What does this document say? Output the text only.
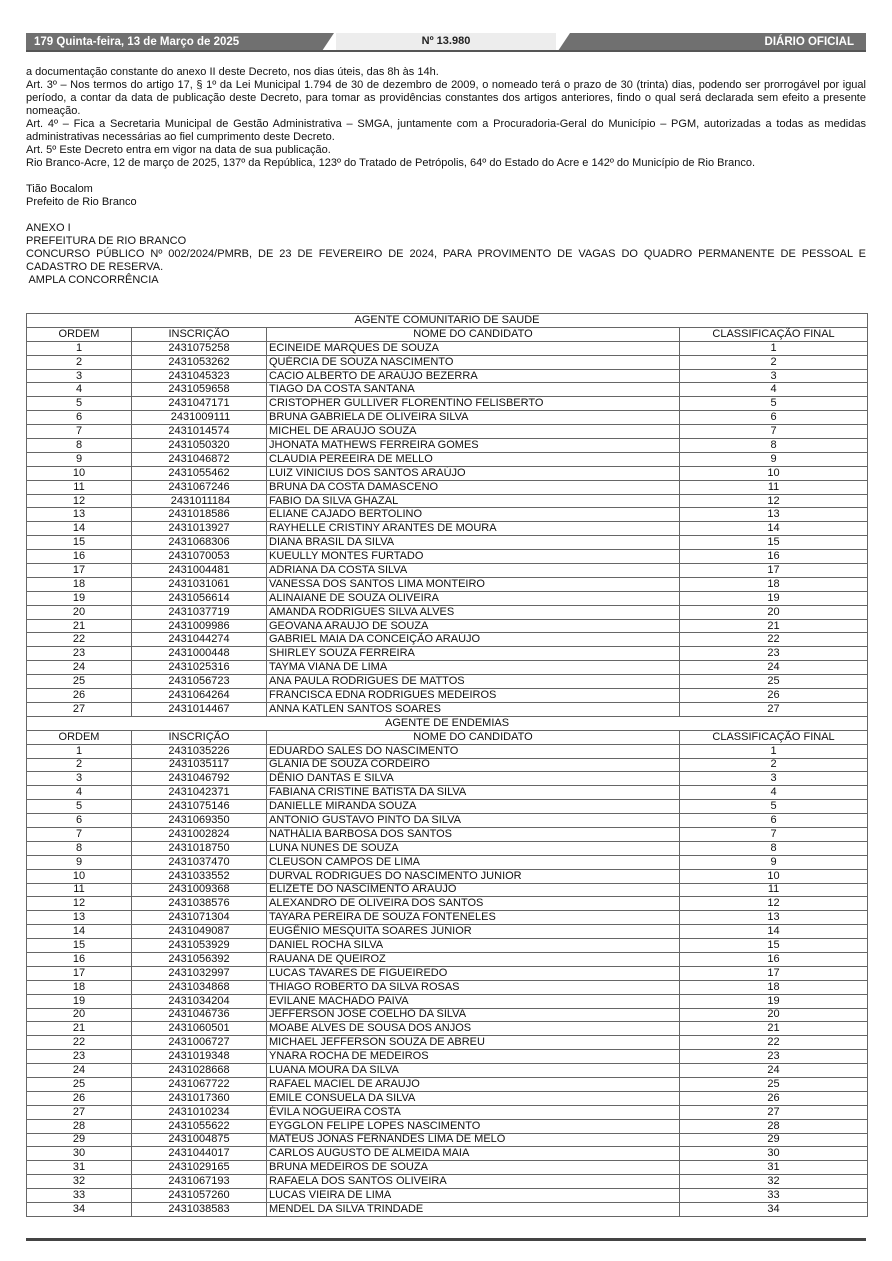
179 Quinta-feira, 13 de Março de 2025	Nº 13.980	DIÁRIO OFICIAL

a documentação constante do anexo II deste Decreto, nos dias úteis, das 8h às 14h.

Art. 3º – Nos termos do artigo 17, § 1º da Lei Municipal 1.794 de 30 de dezembro de 2009, o nomeado terá o prazo de 30 (trinta) dias, podendo ser prorrogável por igual período, a contar da data de publicação deste Decreto, para tomar as providências constantes dos artigos anteriores, findo o qual será declarada sem efeito a presente nomeação.

Art. 4º – Fica a Secretaria Municipal de Gestão Administrativa – SMGA, juntamente com a Procuradoria-Geral do Município – PGM, autorizadas a todas as medidas administrativas necessárias ao fiel cumprimento deste Decreto.

Art. 5º Este Decreto entra em vigor na data de sua publicação.

Rio Branco-Acre, 12 de março de 2025, 137º da República, 123º do Tratado de Petrópolis, 64º do Estado do Acre e 142º do Município de Rio Branco.

Tião Bocalom

Prefeito de Rio Branco

ANEXO I

PREFEITURA DE RIO BRANCO

CONCURSO PÚBLICO Nº 002/2024/PMRB, DE 23 DE FEVEREIRO DE 2024, PARA PROVIMENTO DE VAGAS DO QUADRO PERMANENTE DE PESSOAL E CADASTRO DE RESERVA.

AMPLA CONCORRÊNCIA

AGENTE COMUNITARIO DE SAUDE			
ORDEM	INSCRIÇÃO	NOME DO CANDIDATO	CLASSIFICAÇÃO FINAL
1	2431075258	ECINEIDE MARQUES DE SOUZA	1
2	2431053262	QUÉRCIA DE SOUZA NASCIMENTO	2
3	2431045323	CACIO ALBERTO DE ARAÚJO BEZERRA	3
4	2431059658	TIAGO DA COSTA SANTANA	4
5	2431047171	CRISTOPHER GULLIVER FLORENTINO FELISBERTO	5
6	2431009111	BRUNA GABRIELA DE OLIVEIRA SILVA	6
7	2431014574	MICHEL DE ARAÚJO SOUZA	7
8	2431050320	JHONATA MATHEWS FERREIRA GOMES	8
9	2431046872	CLAUDIA PEREEIRA DE MELLO	9
10	2431055462	LUIZ VINICIUS DOS SANTOS ARAÚJO	10
11	2431067246	BRUNA DA COSTA DAMASCENO	11
12	2431011184	FABIO DA SILVA GHAZAL	12
13	2431018586	ELIANE CAJADO BERTOLINO	13
14	2431013927	RAYHELLE CRISTINY ARANTES DE MOURA	14
15	2431068306	DIANA BRASIL DA SILVA	15
16	2431070053	KUEULLY MONTES FURTADO	16
17	2431004481	ADRIANA DA COSTA SILVA	17
18	2431031061	VANESSA DOS SANTOS LIMA MONTEIRO	18
19	2431056614	ALINAIANE DE SOUZA OLIVEIRA	19
20	2431037719	AMANDA RODRIGUES SILVA ALVES	20
21	2431009986	GEOVANA ARAUJO DE SOUZA	21
22	2431044274	GABRIEL MAIA DA CONCEIÇÃO ARAÚJO	22
23	2431000448	SHIRLEY SOUZA FERREIRA	23
24	2431025316	TAYMA VIANA DE LIMA	24
25	2431056723	ANA PAULA RODRIGUES DE MATTOS	25
26	2431064264	FRANCISCA EDNA RODRIGUES MEDEIROS	26
27	2431014467	ANNA KATLEN SANTOS SOARES	27
AGENTE DE ENDEMIAS			
ORDEM	INSCRIÇÃO	NOME DO CANDIDATO	CLASSIFICAÇÃO FINAL
1	2431035226	EDUARDO SALES DO NASCIMENTO	1
2	2431035117	GLANIA DE SOUZA CORDEIRO	2
3	2431046792	DÊNIO DANTAS E SILVA	3
4	2431042371	FABIANA CRISTINE BATISTA DA SILVA	4
5	2431075146	DANIELLE MIRANDA SOUZA	5
6	2431069350	ANTONIO GUSTAVO PINTO DA SILVA	6
7	2431002824	NATHÁLIA BARBOSA DOS SANTOS	7
8	2431018750	LUNA NUNES DE SOUZA	8
9	2431037470	CLEUSON CAMPOS DE LIMA	9
10	2431033552	DURVAL RODRIGUES DO NASCIMENTO JUNIOR	10
11	2431009368	ELIZETE DO NASCIMENTO ARAÚJO	11
12	2431038576	ALEXANDRO DE OLIVEIRA DOS SANTOS	12
13	2431071304	TAYARA PEREIRA DE SOUZA FONTENELES	13
14	2431049087	EUGÊNIO MESQUITA SOARES JÚNIOR	14
15	2431053929	DANIEL ROCHA SILVA	15
16	2431056392	RAUANA DE QUEIROZ	16
17	2431032997	LUCAS TAVARES DE FIGUEIREDO	17
18	2431034868	THIAGO ROBERTO DA SILVA ROSAS	18
19	2431034204	EVILANE MACHADO PAIVA	19
20	2431046736	JEFFERSON JOSÉ COELHO DA SILVA	20
21	2431060501	MOABE ALVES DE SOUSA DOS ANJOS	21
22	2431006727	MICHAEL JEFFERSON SOUZA DE ABREU	22
23	2431019348	YNARA ROCHA DE MEDEIROS	23
24	2431028668	LUANA MOURA DA SILVA	24
25	2431067722	RAFAEL MACIEL DE ARAUJO	25
26	2431017360	EMILE CONSUELA DA SILVA	26
27	2431010234	ÉVILA NOGUEIRA COSTA	27
28	2431055622	EYGGLON FELIPE LOPES NASCIMENTO	28
29	2431004875	MATEUS JONAS FERNANDES LIMA DE MELO	29
30	2431044017	CARLOS AUGUSTO DE ALMEIDA MAIA	30
31	2431029165	BRUNA MEDEIROS DE SOUZA	31
32	2431067193	RAFAELA DOS SANTOS OLIVEIRA	32
33	2431057260	LUCAS VIEIRA DE LIMA	33
34	2431038583	MENDEL DA SILVA TRINDADE	34
